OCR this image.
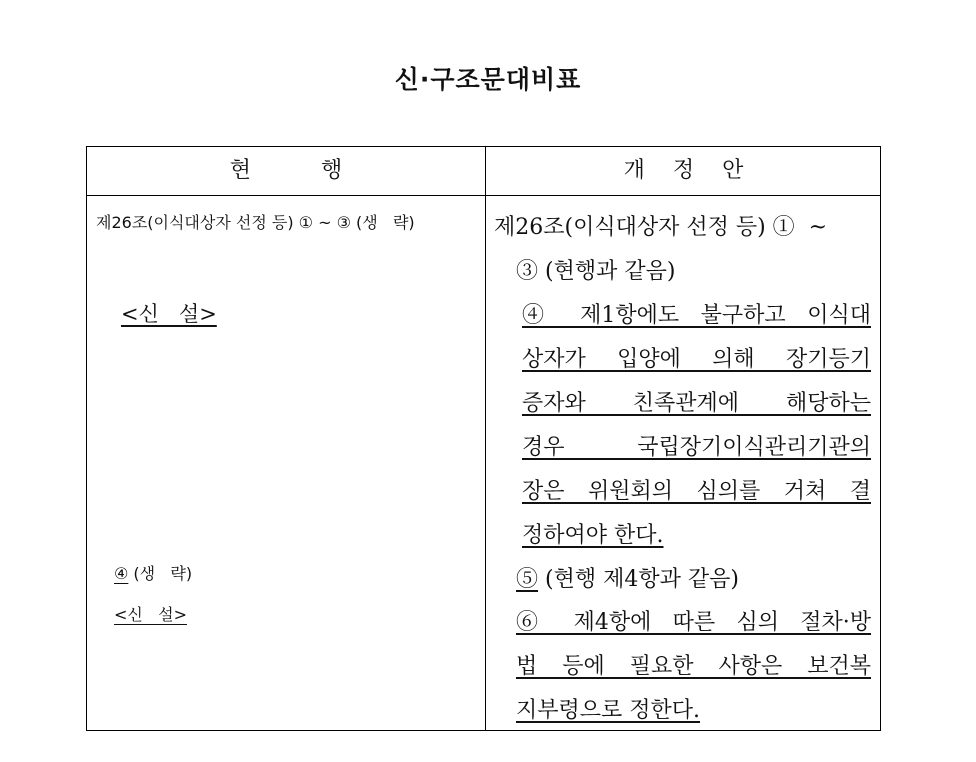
신·구조문대비표
현          행	개    정    안
제26조(이식대상자 선정 등) ① ~ ③ (생   략)
<신   설>
④ (생   략)
<신   설>
제26조(이식대상자 선정 등) ①  ~
③ (현행과 같음)
④ 제1항에도 불구하고 이식대
상자가 입양에 의해 장기등기
증자와 친족관계에 해당하는
경우 국립장기이식관리기관의
장은 위원회의 심의를 거쳐 결
정하여야 한다.
⑤ (현행 제4항과 같음)
⑥ 제4항에 따른 심의 절차·방
법 등에 필요한 사항은 보건복
지부령으로 정한다.
